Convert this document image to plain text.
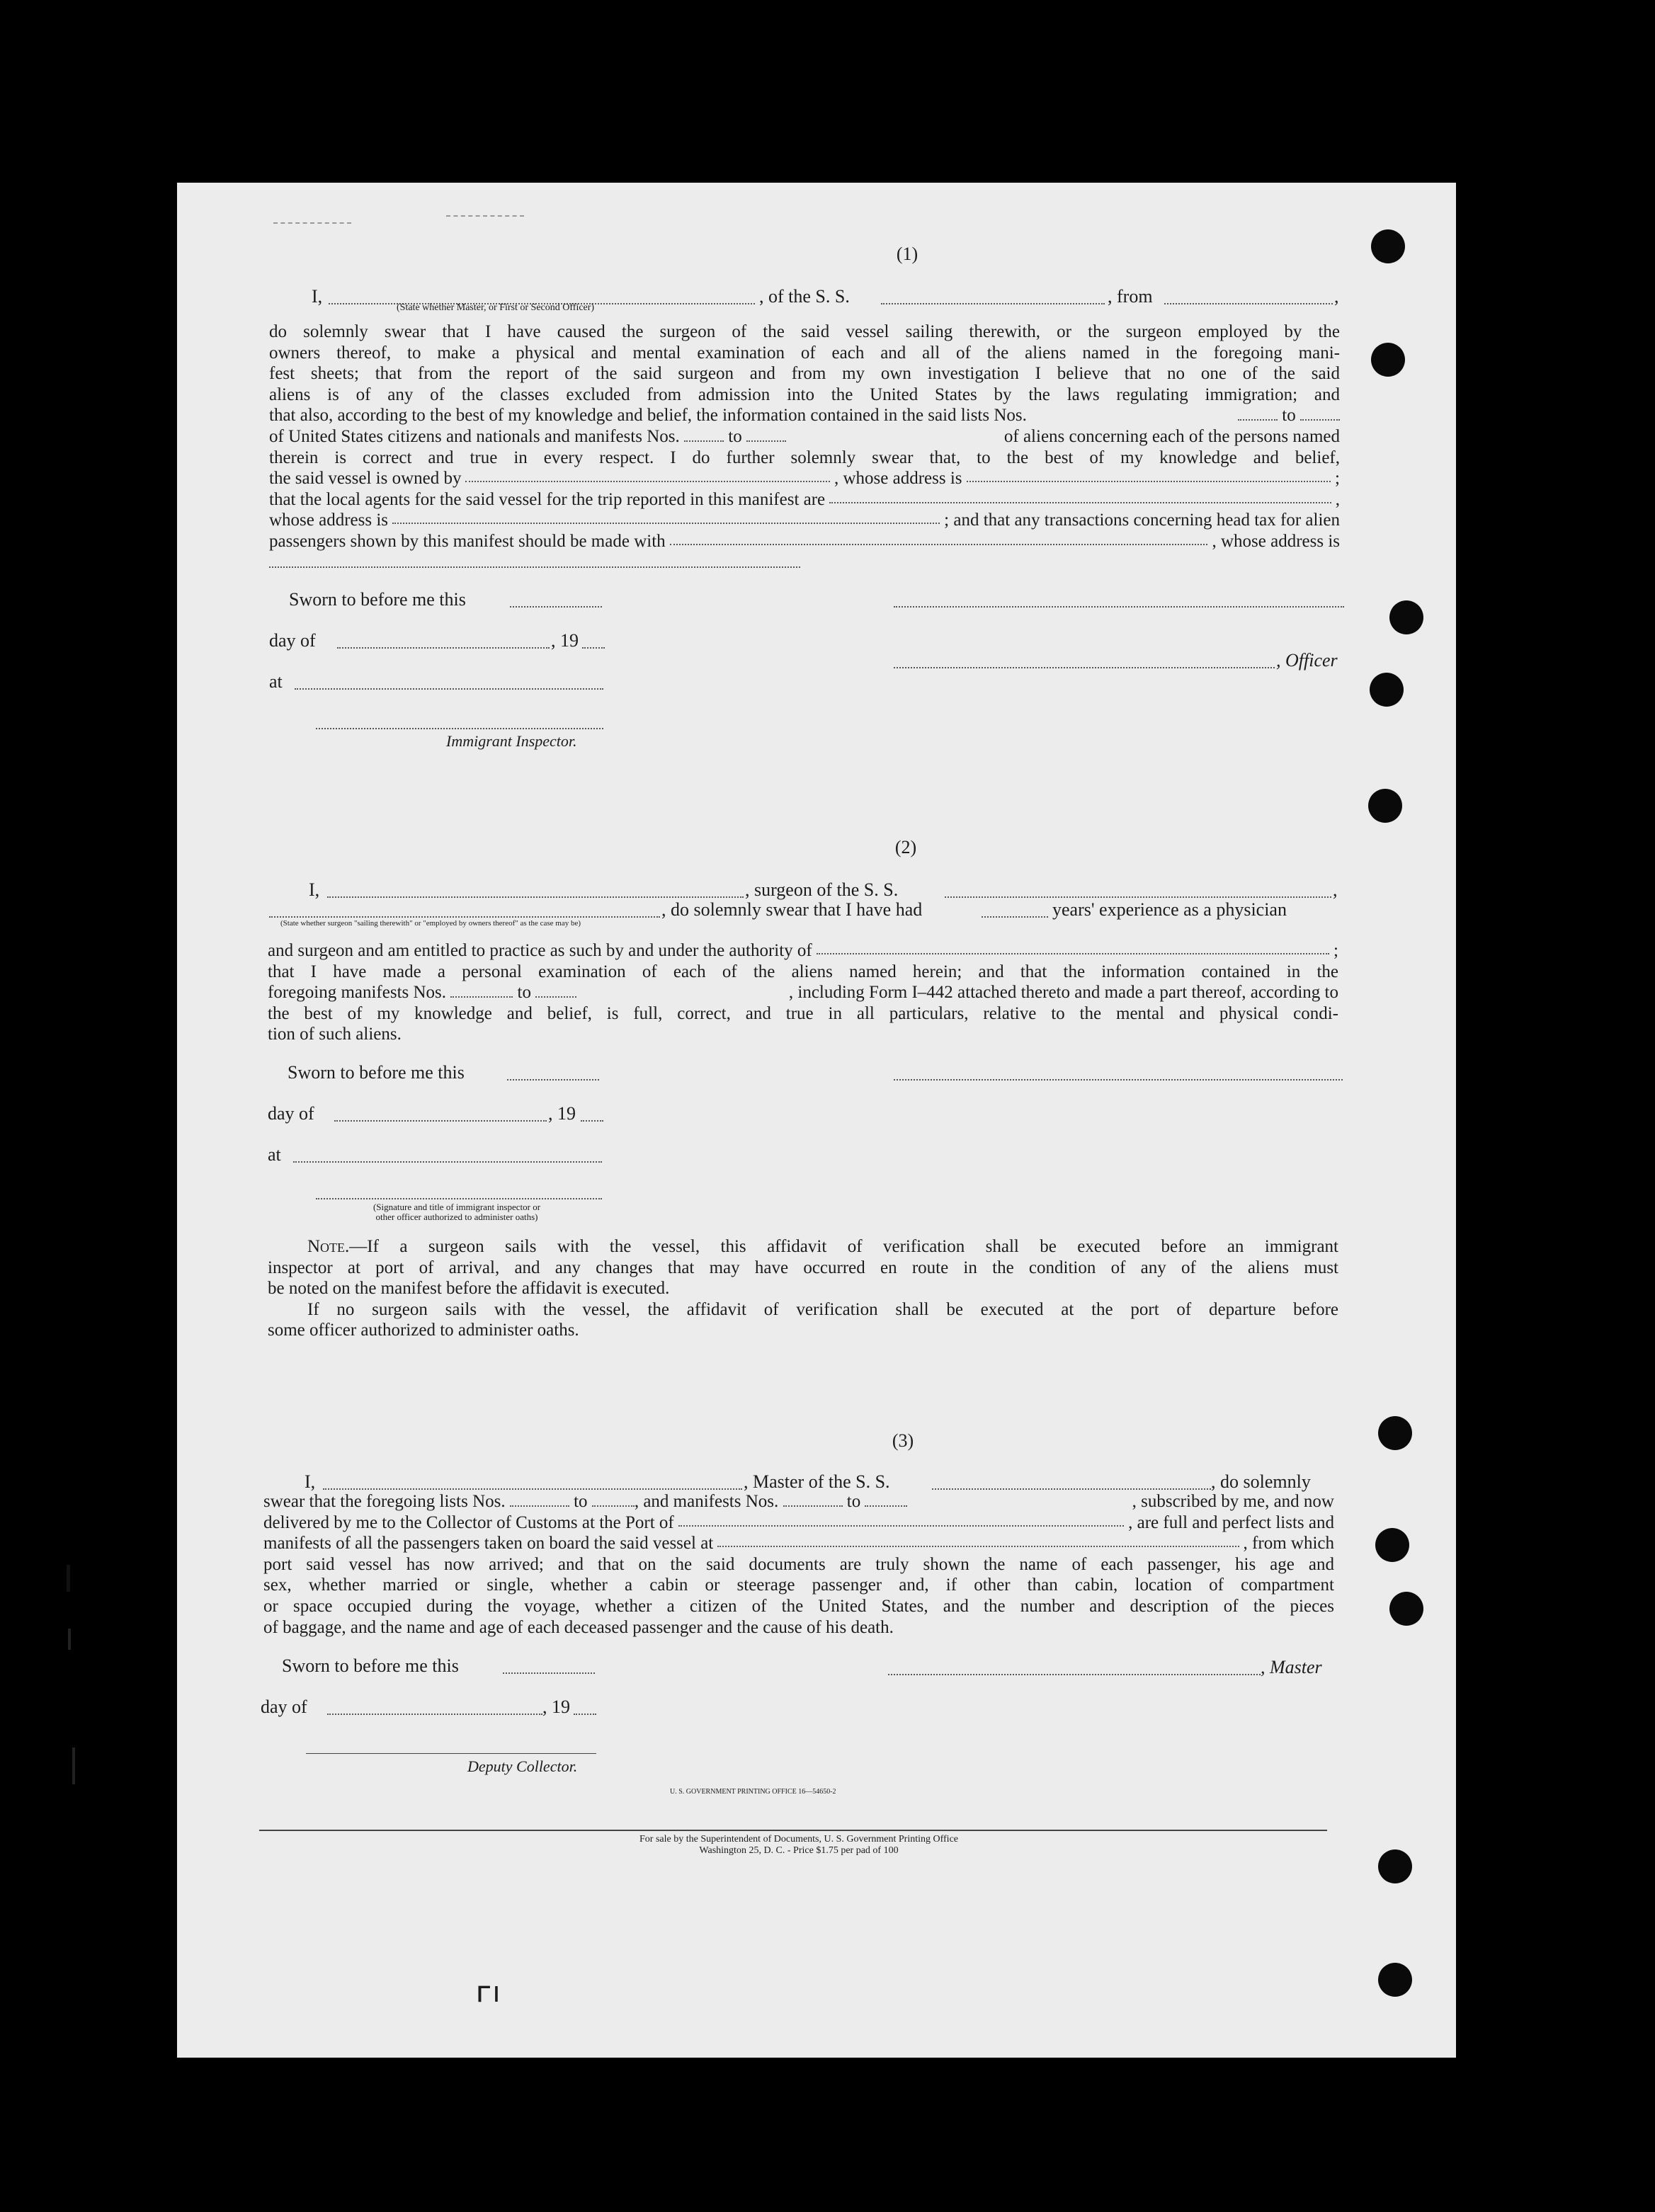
(1)
I,
(State whether Master, or First or Second Officer)
, of the S. S.	, from	,

do solemnly swear that I have caused the surgeon of the said vessel sailing therewith, or the surgeon employed by the

owners thereof, to make a physical and mental examination of each and all of the aliens named in the foregoing mani-

fest sheets; that from the report of the said surgeon and from my own investigation I believe that no one of the said

aliens is of any of the classes excluded from admission into the United States by the laws regulating immigration; and

that also, according to the best of my knowledge and belief, the information contained in the said lists Nos.	to

of United States citizens and nationals and manifests Nos.	to	of aliens concerning each of the persons named

therein is correct and true in every respect. I do further solemnly swear that, to the best of my knowledge and belief,

the said vessel is owned by	, whose address is	;

that the local agents for the said vessel for the trip reported in this manifest are	,

whose address is	; and that any transactions concerning head tax for alien

passengers shown by this manifest should be made with	, whose address is

Sworn to before me this
day of	, 19
, Officer
at
Immigrant Inspector.
(2)
I,	, surgeon of the S. S.	,
, do solemnly swear that I have had	years' experience as a physician
(State whether surgeon "sailing therewith" or "employed by owners thereof" as the case may be)

and surgeon and am entitled to practice as such by and under the authority of	;

that I have made a personal examination of each of the aliens named herein; and that the information contained in the

foregoing manifests Nos.	to	, including Form I–442 attached thereto and made a part thereof, according to

the best of my knowledge and belief, is full, correct, and true in all particulars, relative to the mental and physical condi-

tion of such aliens.

Sworn to before me this
day of	, 19
at
(Signature and title of immigrant inspector or
other officer authorized to administer oaths)

Note.—If a surgeon sails with the vessel, this affidavit of verification shall be executed before an immigrant

inspector at port of arrival, and any changes that may have occurred en route in the condition of any of the aliens must

be noted on the manifest before the affidavit is executed.

If no surgeon sails with the vessel, the affidavit of verification shall be executed at the port of departure before

some officer authorized to administer oaths.

(3)
I,	, Master of the S. S.	, do solemnly

swear that the foregoing lists Nos.	to	, and manifests Nos.	to	, subscribed by me, and now

delivered by me to the Collector of Customs at the Port of	, are full and perfect lists and

manifests of all the passengers taken on board the said vessel at	, from which

port said vessel has now arrived; and that on the said documents are truly shown the name of each passenger, his age and

sex, whether married or single, whether a cabin or steerage passenger and, if other than cabin, location of compartment

or space occupied during the voyage, whether a citizen of the United States, and the number and description of the pieces

of baggage, and the name and age of each deceased passenger and the cause of his death.

Sworn to before me this	, Master
day of	, 19
Deputy Collector.
U. S. GOVERNMENT PRINTING OFFICE 16—54650-2
For sale by the Superintendent of Documents, U. S. Government Printing Office
Washington 25, D. C. - Price $1.75 per pad of 100
ᴦı
